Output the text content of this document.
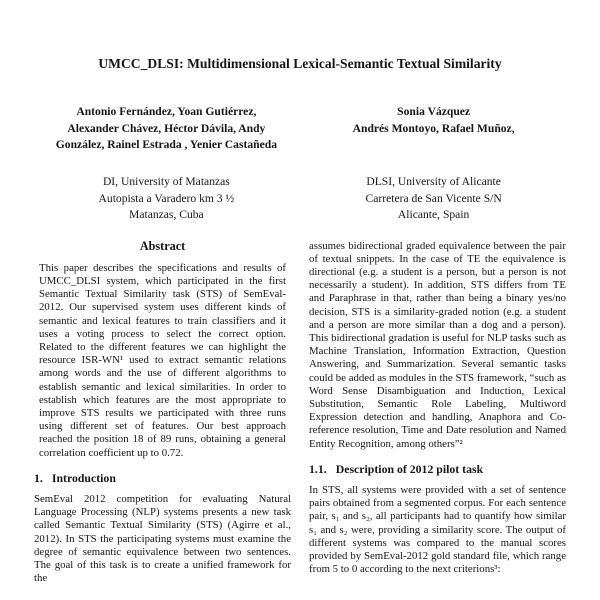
UMCC_DLSI: Multidimensional Lexical-Semantic Textual Similarity
Antonio Fernández, Yoan Gutiérrez,
Alexander Chávez, Héctor Dávila, Andy
González, Rainel Estrada , Yenier Castañeda
DI, University of Matanzas
Autopista a Varadero km 3 ½
Matanzas, Cuba
Sonia Vázquez
Andrés Montoyo, Rafael Muñoz,
DLSI, University of Alicante
Carretera de San Vicente S/N
Alicante, Spain
Abstract

This paper describes the specifications and results of UMCC_DLSI system, which participated in the first Semantic Textual Similarity task (STS) of SemEval-2012. Our supervised system uses different kinds of semantic and lexical features to train classifiers and it uses a voting process to select the correct option. Related to the different features we can highlight the resource ISR-WN¹ used to extract semantic relations among words and the use of different algorithms to establish semantic and lexical similarities. In order to establish which features are the most appropriate to improve STS results we participated with three runs using different set of features. Our best approach reached the position 18 of 89 runs, obtaining a general correlation coefficient up to 0.72.

1. Introduction

SemEval 2012 competition for evaluating Natural Language Processing (NLP) systems presents a new task called Semantic Textual Similarity (STS) (Agirre et al., 2012). In STS the participating systems must examine the degree of semantic equivalence between two sentences. The goal of this task is to create a unified framework for the

assumes bidirectional graded equivalence between the pair of textual snippets. In the case of TE the equivalence is directional (e.g. a student is a person, but a person is not necessarily a student). In addition, STS differs from TE and Paraphrase in that, rather than being a binary yes/no decision, STS is a similarity-graded notion (e.g. a student and a person are more similar than a dog and a person). This bidirectional gradation is useful for NLP tasks such as Machine Translation, Information Extraction, Question Answering, and Summarization. Several semantic tasks could be added as modules in the STS framework, “such as Word Sense Disambiguation and Induction, Lexical Substitution, Semantic Role Labeling, Multiword Expression detection and handling, Anaphora and Co-reference resolution, Time and Date resolution and Named Entity Recognition, among others”²

1.1. Description of 2012 pilot task

In STS, all systems were provided with a set of sentence pairs obtained from a segmented corpus. For each sentence pair, s₁ and s₂, all participants had to quantify how similar s₁ and s₂ were, providing a similarity score. The output of different systems was compared to the manual scores provided by SemEval-2012 gold standard file, which range from 5 to 0 according to the next criterions³:
